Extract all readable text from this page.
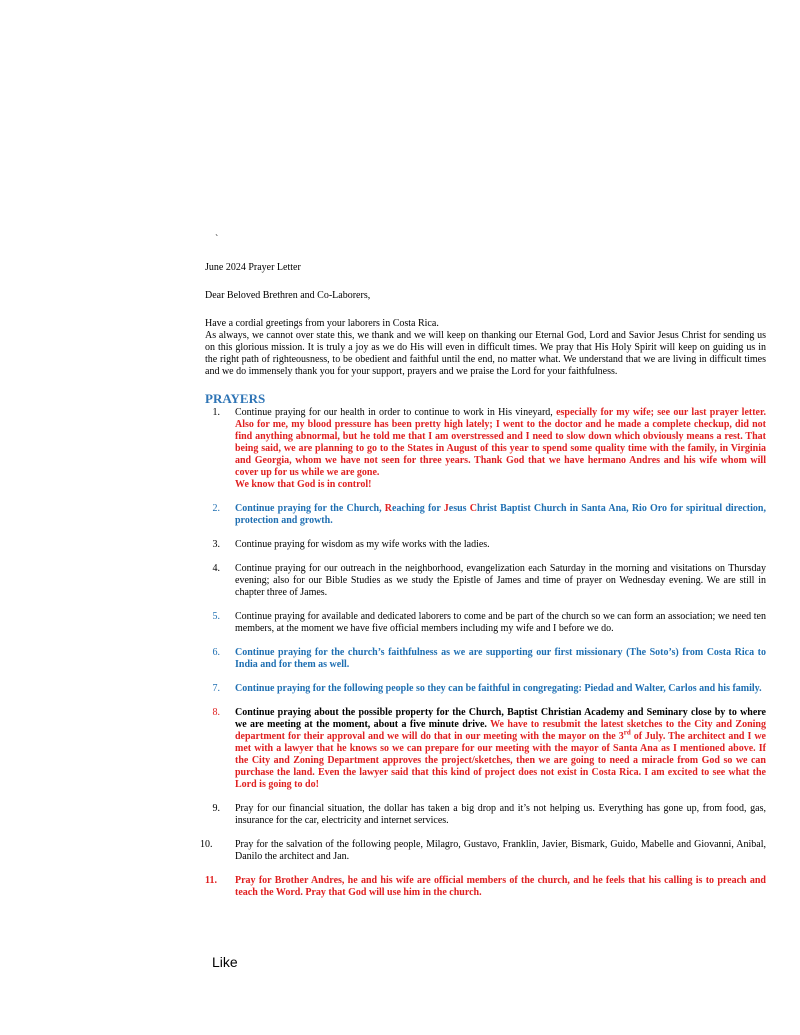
`

June 2024 Prayer Letter

Dear Beloved Brethren and Co-Laborers,

Have a cordial greetings from your laborers in Costa Rica.

As always, we cannot over state this, we thank and we will keep on thanking our Eternal God, Lord and Savior Jesus Christ for sending us on this glorious mission. It is truly a joy as we do His will even in difficult times. We pray that His Holy Spirit will keep on guiding us in the right path of righteousness, to be obedient and faithful until the end, no matter what. We understand that we are living in difficult times and we do immensely thank you for your support, prayers and we praise the Lord for your faithfulness.

PRAYERS
1. Continue praying for our health in order to continue to work in His vineyard, especially for my wife; see our last prayer letter. Also for me, my blood pressure has been pretty high lately; I went to the doctor and he made a complete checkup, did not find anything abnormal, but he told me that I am overstressed and I need to slow down which obviously means a rest. That being said, we are planning to go to the States in August of this year to spend some quality time with the family, in Virginia and Georgia, whom we have not seen for three years. Thank God that we have hermano Andres and his wife whom will cover up for us while we are gone.
We know that God is in control!
2. Continue praying for the Church, Reaching for Jesus Christ Baptist Church in Santa Ana, Rio Oro for spiritual direction, protection and growth.
3. Continue praying for wisdom as my wife works with the ladies.
4. Continue praying for our outreach in the neighborhood, evangelization each Saturday in the morning and visitations on Thursday evening; also for our Bible Studies as we study the Epistle of James and time of prayer on Wednesday evening. We are still in chapter three of James.
5. Continue praying for available and dedicated laborers to come and be part of the church so we can form an association; we need ten members, at the moment we have five official members including my wife and I before we do.
6. Continue praying for the church’s faithfulness as we are supporting our first missionary (The Soto’s) from Costa Rica to India and for them as well.
7. Continue praying for the following people so they can be faithful in congregating: Piedad and Walter, Carlos and his family.
8. Continue praying about the possible property for the Church, Baptist Christian Academy and Seminary close by to where we are meeting at the moment, about a five minute drive. We have to resubmit the latest sketches to the City and Zoning department for their approval and we will do that in our meeting with the mayor on the 3rd of July. The architect and I we met with a lawyer that he knows so we can prepare for our meeting with the mayor of Santa Ana as I mentioned above. If the City and Zoning Department approves the project/sketches, then we are going to need a miracle from God so we can purchase the land. Even the lawyer said that this kind of project does not exist in Costa Rica. I am excited to see what the Lord is going to do!
9. Pray for our financial situation, the dollar has taken a big drop and it’s not helping us. Everything has gone up, from food, gas, insurance for the car, electricity and internet services.
10. Pray for the salvation of the following people, Milagro, Gustavo, Franklin, Javier, Bismark, Guido, Mabelle and Giovanni, Anibal, Danilo the architect and Jan.
11. Pray for Brother Andres, he and his wife are official members of the church, and he feels that his calling is to preach and teach the Word. Pray that God will use him in the church.
Like
